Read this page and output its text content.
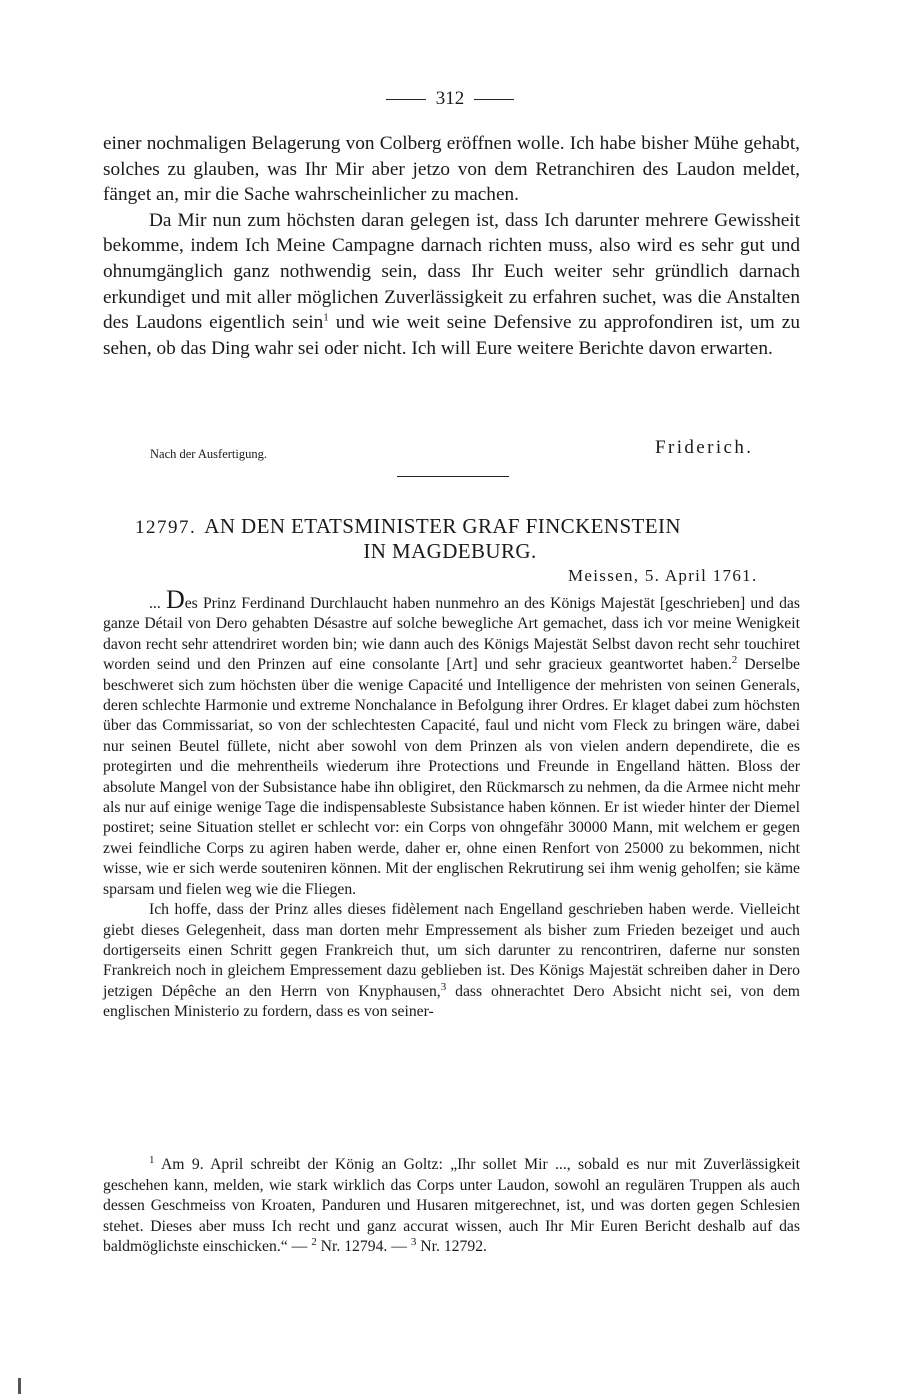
312

einer nochmaligen Belagerung von Colberg eröffnen wolle. Ich habe bisher Mühe gehabt, solches zu glauben, was Ihr Mir aber jetzo von dem Retranchiren des Laudon meldet, fänget an, mir die Sache wahrscheinlicher zu machen.

Da Mir nun zum höchsten daran gelegen ist, dass Ich darunter mehrere Gewissheit bekomme, indem Ich Meine Campagne darnach richten muss, also wird es sehr gut und ohnumgänglich ganz nothwendig sein, dass Ihr Euch weiter sehr gründlich darnach erkundiget und mit aller möglichen Zuverlässigkeit zu erfahren suchet, was die Anstalten des Laudons eigentlich sein$^1$ und wie weit seine Defensive zu approfondiren ist, um zu sehen, ob das Ding wahr sei oder nicht. Ich will Eure weitere Berichte davon erwarten.

Nach der Ausfertigung.	Friderich.
12797. AN DEN ETATSMINISTER GRAF FINCKENSTEIN
IN MAGDEBURG.
Meissen, 5. April 1761.

... Des Prinz Ferdinand Durchlaucht haben nunmehro an des Königs Majestät [geschrieben] und das ganze Détail von Dero gehabten Désastre auf solche bewegliche Art gemachet, dass ich vor meine Wenigkeit davon recht sehr attendriret worden bin; wie dann auch des Königs Majestät Selbst davon recht sehr touchiret worden seind und den Prinzen auf eine consolante [Art] und sehr gracieux geantwortet haben.$^2$ Derselbe beschweret sich zum höchsten über die wenige Capacité und Intelligence der mehristen von seinen Generals, deren schlechte Harmonie und extreme Nonchalance in Befolgung ihrer Ordres. Er klaget dabei zum höchsten über das Commissariat, so von der schlechtesten Capacité, faul und nicht vom Fleck zu bringen wäre, dabei nur seinen Beutel füllete, nicht aber sowohl von dem Prinzen als von vielen andern dependirete, die es protegirten und die mehrentheils wiederum ihre Protections und Freunde in Engelland hätten. Bloss der absolute Mangel von der Subsistance habe ihn obligiret, den Rückmarsch zu nehmen, da die Armee nicht mehr als nur auf einige wenige Tage die indispensableste Subsistance haben können. Er ist wieder hinter der Diemel postiret; seine Situation stellet er schlecht vor: ein Corps von ohngefähr 30000 Mann, mit welchem er gegen zwei feindliche Corps zu agiren haben werde, daher er, ohne einen Renfort von 25000 zu bekommen, nicht wisse, wie er sich werde souteniren können. Mit der englischen Rekrutirung sei ihm wenig geholfen; sie käme sparsam und fielen weg wie die Fliegen.

Ich hoffe, dass der Prinz alles dieses fidèlement nach Engelland geschrieben haben werde. Vielleicht giebt dieses Gelegenheit, dass man dorten mehr Empressement als bisher zum Frieden bezeiget und auch dortigerseits einen Schritt gegen Frankreich thut, um sich darunter zu rencontriren, daferne nur sonsten Frankreich noch in gleichem Empressement dazu geblieben ist. Des Königs Majestät schreiben daher in Dero jetzigen Dépêche an den Herrn von Knyphausen,$^3$ dass ohnerachtet Dero Absicht nicht sei, von dem englischen Ministerio zu fordern, dass es von seiner-

$^1$ Am 9. April schreibt der König an Goltz: „Ihr sollet Mir ..., sobald es nur mit Zuverlässigkeit geschehen kann, melden, wie stark wirklich das Corps unter Laudon, sowohl an regulären Truppen als auch dessen Geschmeiss von Kroaten, Panduren und Husaren mitgerechnet, ist, und was dorten gegen Schlesien stehet. Dieses aber muss Ich recht und ganz accurat wissen, auch Ihr Mir Euren Bericht deshalb auf das baldmöglichste einschicken.“ — $^2$ Nr. 12794. — $^3$ Nr. 12792.
